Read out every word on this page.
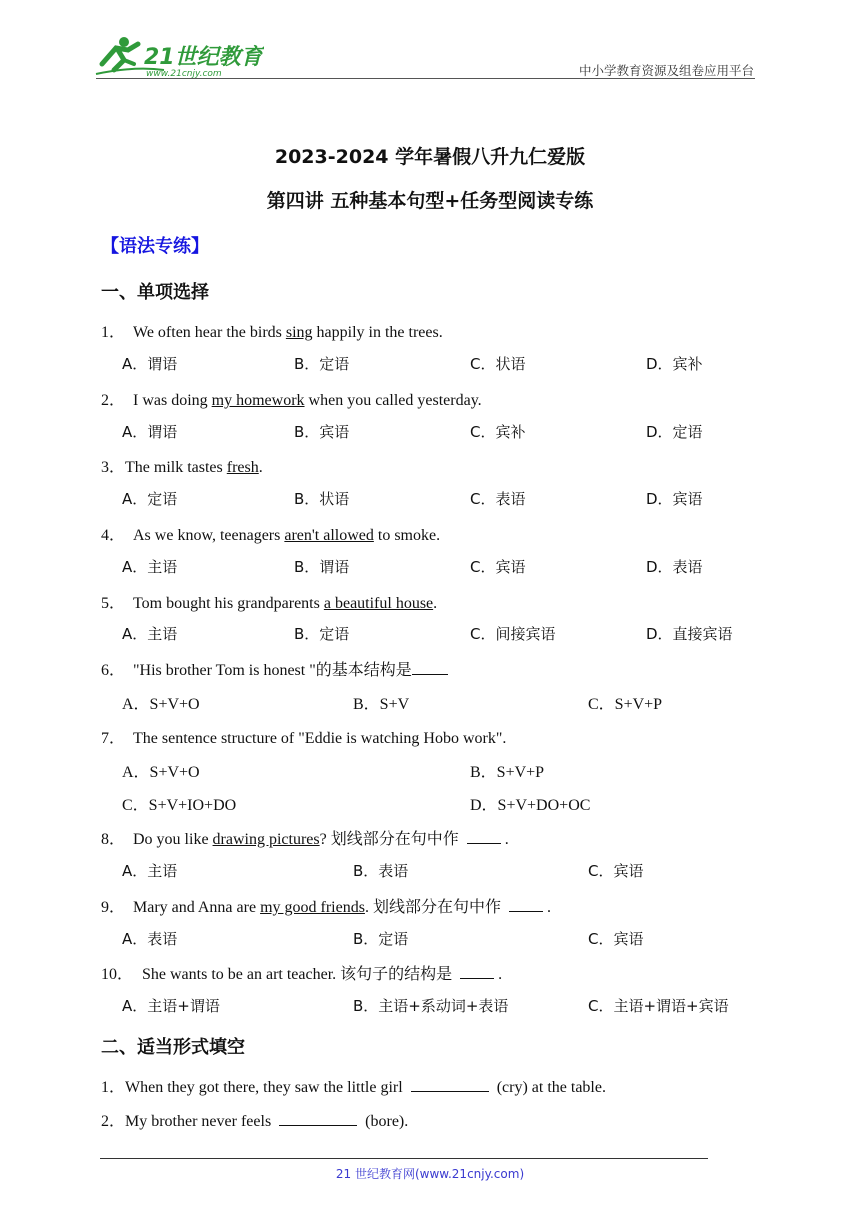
21世纪教育
www.21cnjy.com	中小学教育资源及组卷应用平台
2023-2024 学年暑假八升九仁爱版
第四讲 五种基本句型+任务型阅读专练
【语法专练】
一、单项选择
1． We often hear the birds sing happily in the trees.
A．谓语	B．定语	C．状语	D．宾补
2． I was doing my homework when you called yesterday.
A．谓语	B．宾语	C．宾补	D．定语
3．The milk tastes fresh.
A．定语	B．状语	C．表语	D．宾语
4． As we know, teenagers aren't allowed to smoke.
A．主语	B．谓语	C．宾语	D．表语
5． Tom bought his grandparents a beautiful house.
A．主语	B．定语	C．间接宾语	D．直接宾语
6． "His brother Tom is honest "的基本结构是
A．S+V+O	B．S+V	C．S+V+P
7． The sentence structure of "Eddie is watching Hobo work".
A．S+V+O	B．S+V+P
C．S+V+IO+DO	D．S+V+DO+OC
8． Do you like drawing pictures? 划线部分在句中作  .
A．主语	B．表语	C．宾语
9． Mary and Anna are my good friends. 划线部分在句中作  .
A．表语	B．定语	C．宾语
10． She wants to be an art teacher. 该句子的结构是  .
A．主语+谓语	B．主语+系动词+表语	C．主语+谓语+宾语
二、适当形式填空
1．When they got there, they saw the little girl	(cry) at the table.
2．My brother never feels	(bore).
21 世纪教育网(www.21cnjy.com)
